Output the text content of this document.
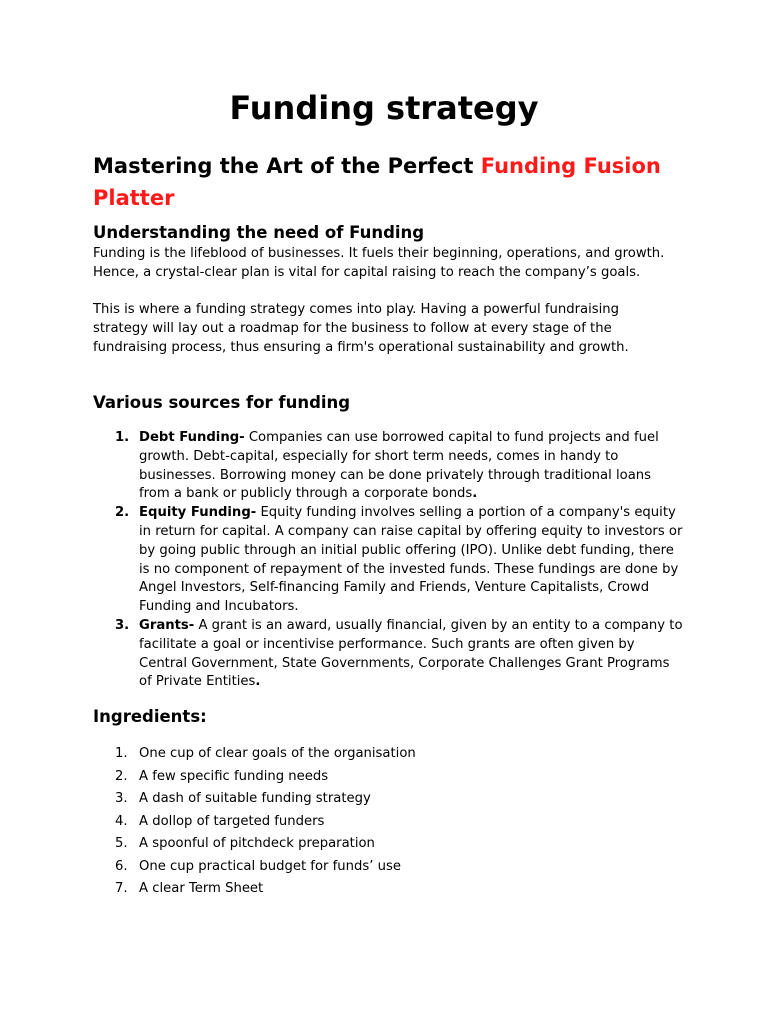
Funding strategy
Mastering the Art of the Perfect Funding Fusion Platter
Understanding the need of Funding

Funding is the lifeblood of businesses. It fuels their beginning, operations, and growth. Hence, a crystal-clear plan is vital for capital raising to reach the company’s goals.

This is where a funding strategy comes into play. Having a powerful fundraising strategy will lay out a roadmap for the business to follow at every stage of the fundraising process, thus ensuring a firm's operational sustainability and growth.

Various sources for funding
1. Debt Funding- Companies can use borrowed capital to fund projects and fuel growth. Debt-capital, especially for short term needs, comes in handy to businesses. Borrowing money can be done privately through traditional loans from a bank or publicly through a corporate bonds.
2. Equity Funding- Equity funding involves selling a portion of a company's equity in return for capital. A company can raise capital by offering equity to investors or by going public through an initial public offering (IPO). Unlike debt funding, there is no component of repayment of the invested funds. These fundings are done by Angel Investors, Self-financing Family and Friends, Venture Capitalists, Crowd Funding and Incubators.
3. Grants- A grant is an award, usually financial, given by an entity to a company to facilitate a goal or incentivise performance. Such grants are often given by Central Government, State Governments, Corporate Challenges Grant Programs of Private Entities.
Ingredients:
1. One cup of clear goals of the organisation
2. A few specific funding needs
3. A dash of suitable funding strategy
4. A dollop of targeted funders
5. A spoonful of pitchdeck preparation
6. One cup practical budget for funds’ use
7. A clear Term Sheet
